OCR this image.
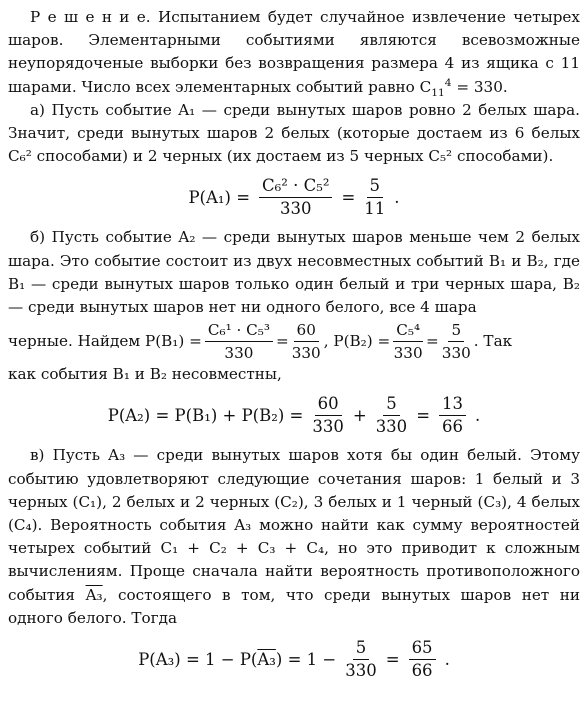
Р е ш е н и е. Испытанием будет случайное извлечение четырех шаров. Элементарными событиями являются всевозможные неупорядоченые выборки без возвращения размера 4 из ящика с 11 шарами. Число всех элементарных событий равно $C_{11}^4 = 330$.

а) Пусть событие A₁ — среди вынутых шаров ровно 2 белых шара. Значит, среди вынутых шаров 2 белых (которые достаем из 6 белых C₆² способами) и 2 черных (их достаем из 5 черных C₅² способами).

$P(A_1) = \frac{\text{C₆² · C₅²}}{330} = \frac{5}{11}$ .

б) Пусть событие A₂ — среди вынутых шаров меньше чем 2 белых шара. Это событие состоит из двух несовместных событий B₁ и B₂, где B₁ — среди вынутых шаров только один белый и три черных шара, B₂ — среди вынутых шаров нет ни одного белого, все 4 шара

черные. Найдем $P(B_1) = \frac{\text{C₆¹ · C₅³}}{330} = \frac{60}{330}$ , $P(B_2) = \frac{\text{C₅⁴}}{330} = \frac{5}{330}$ . Так

как события B₁ и B₂ несовместны,

$P(A_2) = P(B_1) + P(B_2) = \frac{60}{330} + \frac{5}{330} = \frac{13}{66}$ .

в) Пусть A₃ — среди вынутых шаров хотя бы один белый. Этому событию удовлетворяют следующие сочетания шаров: 1 белый и 3 черных (C₁), 2 белых и 2 черных (C₂), 3 белых и 1 черный (C₃), 4 белых (C₄). Вероятность события A₃ можно найти как сумму вероятностей четырех событий C₁ + C₂ + C₃ + C₄, но это приводит к сложным вычислениям. Проще сначала найти вероятность противоположного события A₃, состоящего в том, что среди вынутых шаров нет ни одного белого. Тогда

P(A₃) = 1 − P( A₃ ) = $1 - \frac{5}{330} = \frac{65}{66}$ .
